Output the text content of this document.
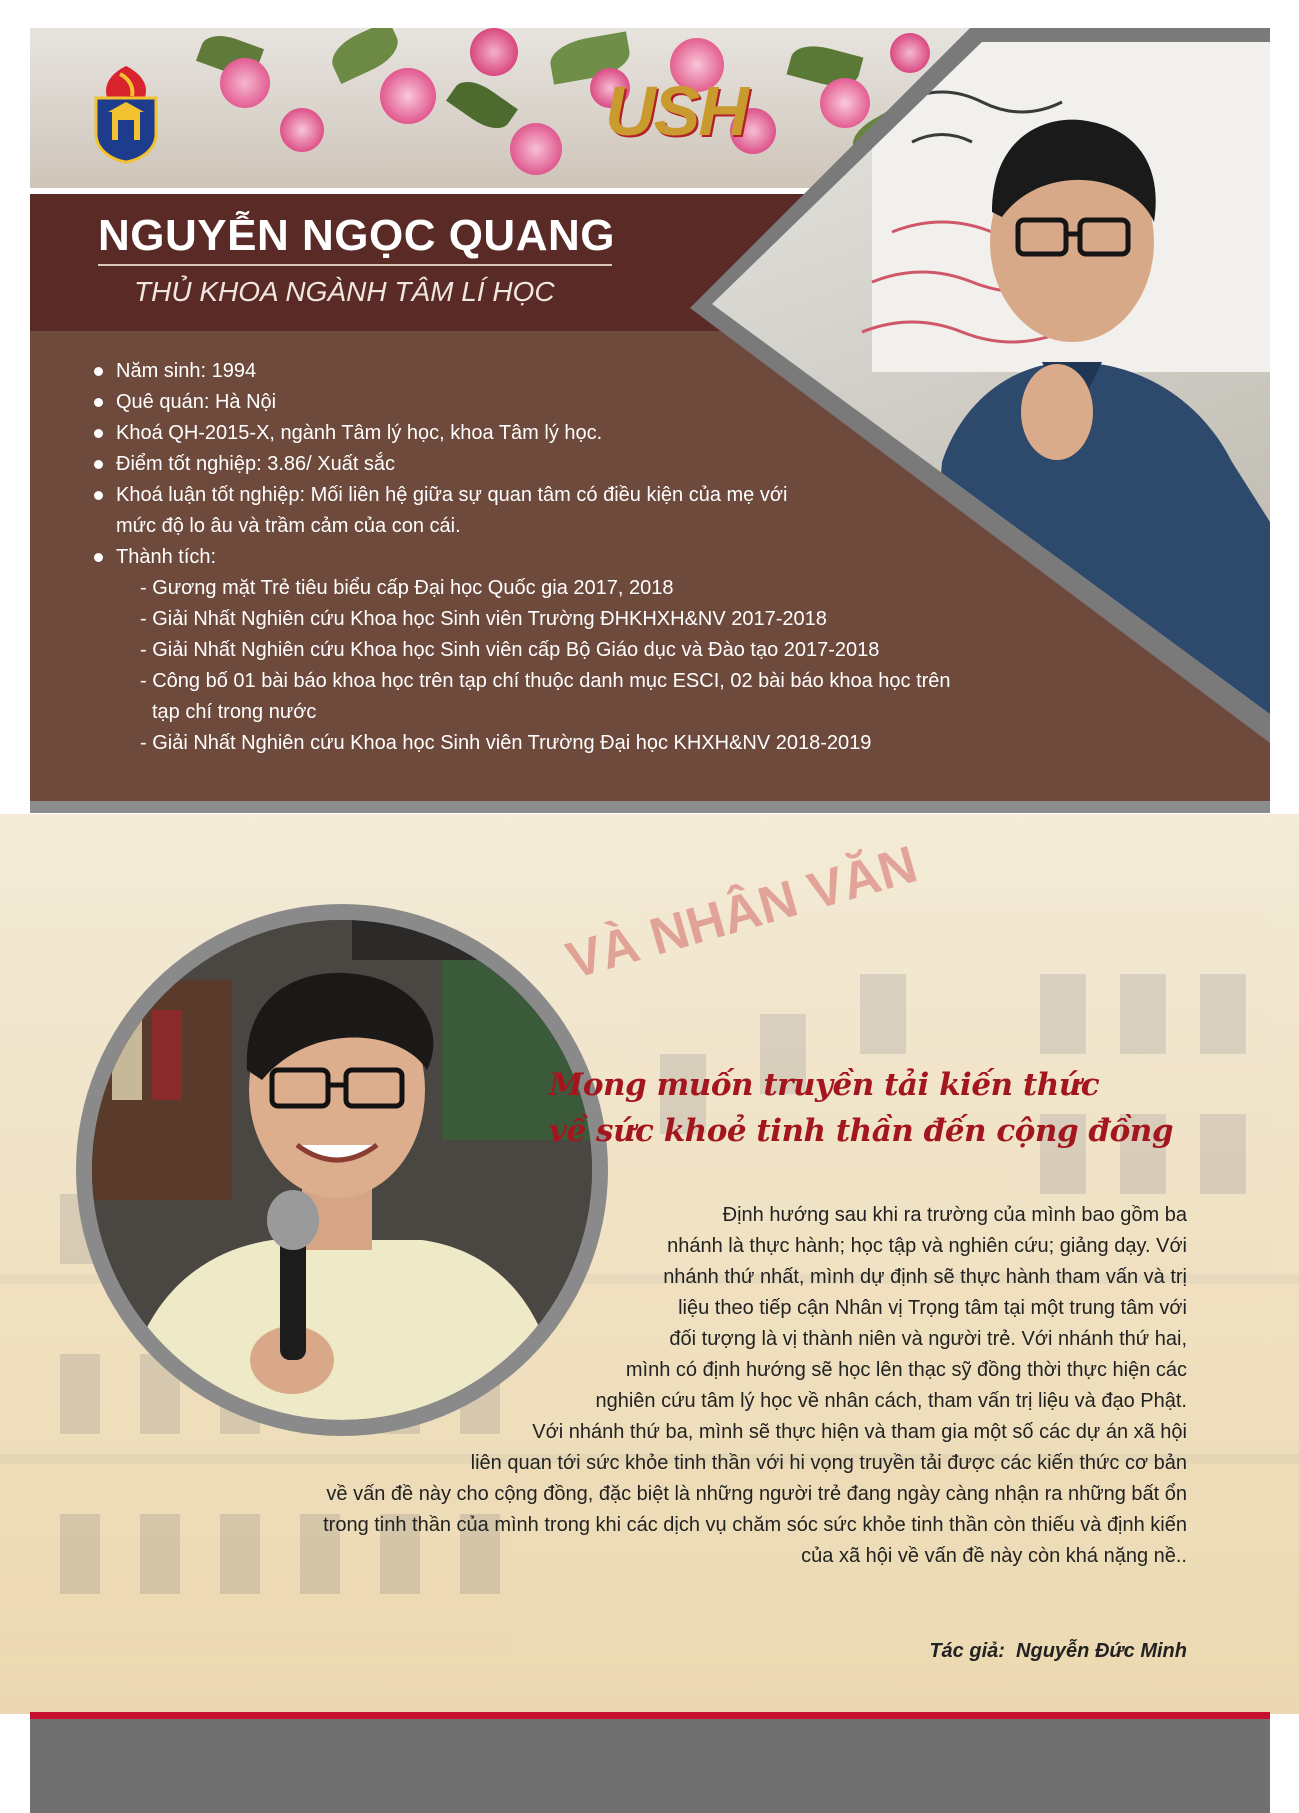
USH
NGUYỄN NGỌC QUANG
THỦ KHOA NGÀNH TÂM LÍ HỌC
Năm sinh: 1994
Quê quán: Hà Nội
Khoá QH-2015-X, ngành Tâm lý học, khoa Tâm lý học.
Điểm tốt nghiệp: 3.86/ Xuất sắc
Khoá luận tốt nghiệp: Mối liên hệ giữa sự quan tâm có điều kiện của mẹ với
mức độ lo âu và trầm cảm của con cái.
Thành tích:
- Gương mặt Trẻ tiêu biểu cấp Đại học Quốc gia 2017, 2018
- Giải Nhất Nghiên cứu Khoa học Sinh viên Trường ĐHKHXH&NV 2017-2018
- Giải Nhất Nghiên cứu Khoa học Sinh viên cấp Bộ Giáo dục và Đào tạo 2017-2018
- Công bố 01 bài báo khoa học trên tạp chí thuộc danh mục ESCI, 02 bài báo khoa học trên
tạp chí trong nước
- Giải Nhất Nghiên cứu Khoa học Sinh viên Trường Đại học KHXH&NV 2018-2019
VÀ NHÂN VĂN
Mong muốn truyền tải kiến thức
về sức khoẻ tinh thần đến cộng đồng
Định hướng sau khi ra trường của mình bao gồm ba
nhánh là thực hành; học tập và nghiên cứu; giảng dạy. Với
nhánh thứ nhất, mình dự định sẽ thực hành tham vấn và trị
liệu theo tiếp cận Nhân vị Trọng tâm tại một trung tâm với
đối tượng là vị thành niên và người trẻ. Với nhánh thứ hai,
mình có định hướng sẽ học lên thạc sỹ đồng thời thực hiện các
nghiên cứu tâm lý học về nhân cách, tham vấn trị liệu và đạo Phật.
Với nhánh thứ ba, mình sẽ thực hiện và tham gia một số các dự án xã hội
liên quan tới sức khỏe tinh thần với hi vọng truyền tải được các kiến thức cơ bản
về vấn đề này cho cộng đồng, đặc biệt là những người trẻ đang ngày càng nhận ra những bất ổn
trong tinh thần của mình trong khi các dịch vụ chăm sóc sức khỏe tinh thần còn thiếu và định kiến
của xã hội về vấn đề này còn khá nặng nề..
Tác giả: Nguyễn Đức Minh
